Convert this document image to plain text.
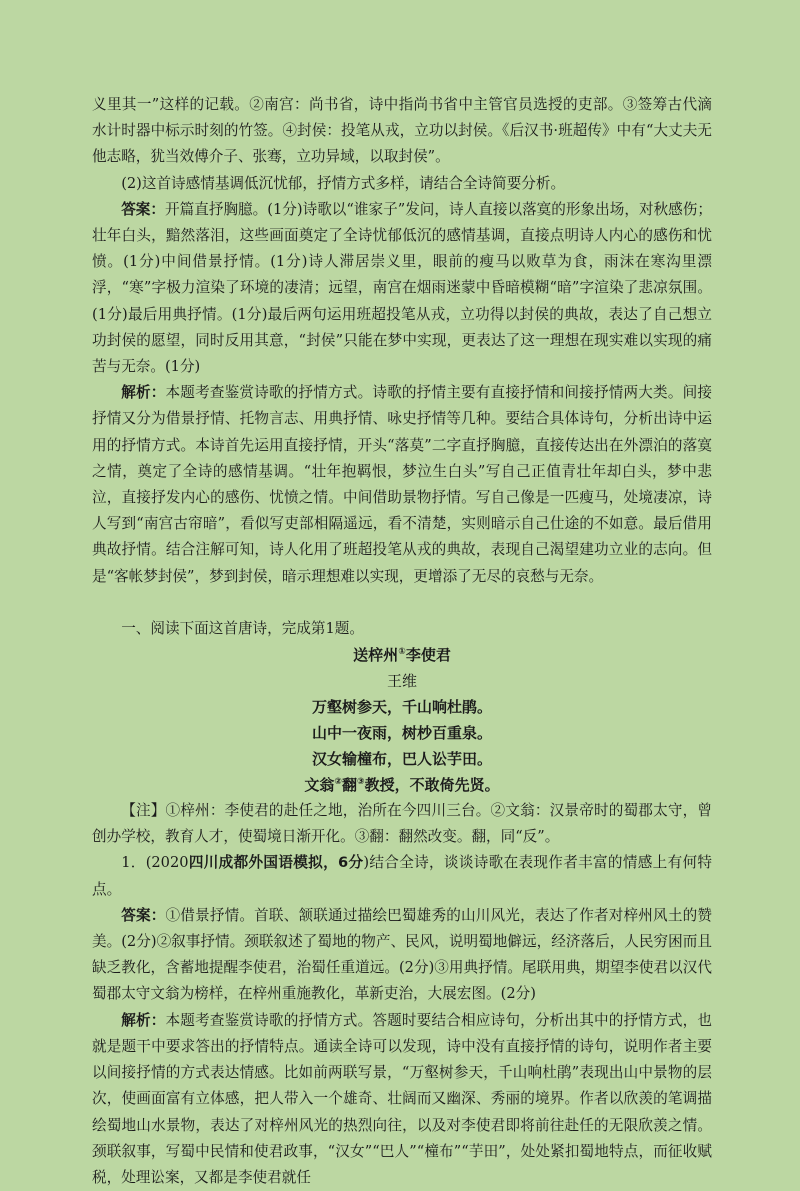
义里其一”这样的记载。②南宫：尚书省，诗中指尚书省中主管官员选授的吏部。③签筹古代滴水计时器中标示时刻的竹签。④封侯：投笔从戎，立功以封侯。《后汉书·班超传》中有“大丈夫无他志略，犹当效傅介子、张骞，立功异域，以取封侯”。

(2)这首诗感情基调低沉忧郁，抒情方式多样，请结合全诗简要分析。

答案：开篇直抒胸臆。(1分)诗歌以“谁家子”发问，诗人直接以落寞的形象出场，对秋感伤；壮年白头，黯然落泪，这些画面奠定了全诗忧郁低沉的感情基调，直接点明诗人内心的感伤和忧愤。(1分)中间借景抒情。(1分)诗人滞居崇义里，眼前的瘦马以败草为食，雨沫在寒沟里漂浮，“寒”字极力渲染了环境的凄清；远望，南宫在烟雨迷蒙中昏暗模糊“暗”字渲染了悲凉氛围。(1分)最后用典抒情。(1分)最后两句运用班超投笔从戎，立功得以封侯的典故，表达了自己想立功封侯的愿望，同时反用其意，“封侯”只能在梦中实现，更表达了这一理想在现实难以实现的痛苦与无奈。(1分)

解析：本题考查鉴赏诗歌的抒情方式。诗歌的抒情主要有直接抒情和间接抒情两大类。间接抒情又分为借景抒情、托物言志、用典抒情、咏史抒情等几种。要结合具体诗句，分析出诗中运用的抒情方式。本诗首先运用直接抒情，开头“落莫”二字直抒胸臆，直接传达出在外漂泊的落寞之情，奠定了全诗的感情基调。“壮年抱羁恨，梦泣生白头”写自己正值青壮年却白头，梦中悲泣，直接抒发内心的感伤、忧愤之情。中间借助景物抒情。写自己像是一匹瘦马，处境凄凉，诗人写到“南宫古帘暗”，看似写吏部相隔遥远，看不清楚，实则暗示自己仕途的不如意。最后借用典故抒情。结合注解可知，诗人化用了班超投笔从戎的典故，表现自己渴望建功立业的志向。但是“客帐梦封侯”，梦到封侯，暗示理想难以实现，更增添了无尽的哀愁与无奈。

一、阅读下面这首唐诗，完成第1题。

送梓州①李使君
王维
万壑树参天，千山响杜鹃。
山中一夜雨，树杪百重泉。
汉女输橦布，巴人讼芋田。
文翁②翻③教授，不敢倚先贤。

【注】①梓州：李使君的赴任之地，治所在今四川三台。②文翁：汉景帝时的蜀郡太守，曾创办学校，教育人才，使蜀境日渐开化。③翻：翻然改变。翻，同“反”。

1．(2020四川成都外国语模拟，6分)结合全诗，谈谈诗歌在表现作者丰富的情感上有何特点。

答案：①借景抒情。首联、颔联通过描绘巴蜀雄秀的山川风光，表达了作者对梓州风土的赞美。(2分)②叙事抒情。颈联叙述了蜀地的物产、民风，说明蜀地僻远，经济落后，人民穷困而且缺乏教化，含蓄地提醒李使君，治蜀任重道远。(2分)③用典抒情。尾联用典，期望李使君以汉代蜀郡太守文翁为榜样，在梓州重施教化，革新吏治，大展宏图。(2分)

解析：本题考查鉴赏诗歌的抒情方式。答题时要结合相应诗句，分析出其中的抒情方式，也就是题干中要求答出的抒情特点。通读全诗可以发现，诗中没有直接抒情的诗句，说明作者主要以间接抒情的方式表达情感。比如前两联写景，“万壑树参天，千山响杜鹃”表现出山中景物的层次，使画面富有立体感，把人带入一个雄奇、壮阔而又幽深、秀丽的境界。作者以欣羡的笔调描绘蜀地山水景物，表达了对梓州风光的热烈向往，以及对李使君即将前往赴任的无限欣羡之情。颈联叙事，写蜀中民情和使君政事，“汉女”“巴人”“橦布”“芋田”，处处紧扣蜀地特点，而征收赋税，处理讼案，又都是李使君就任
